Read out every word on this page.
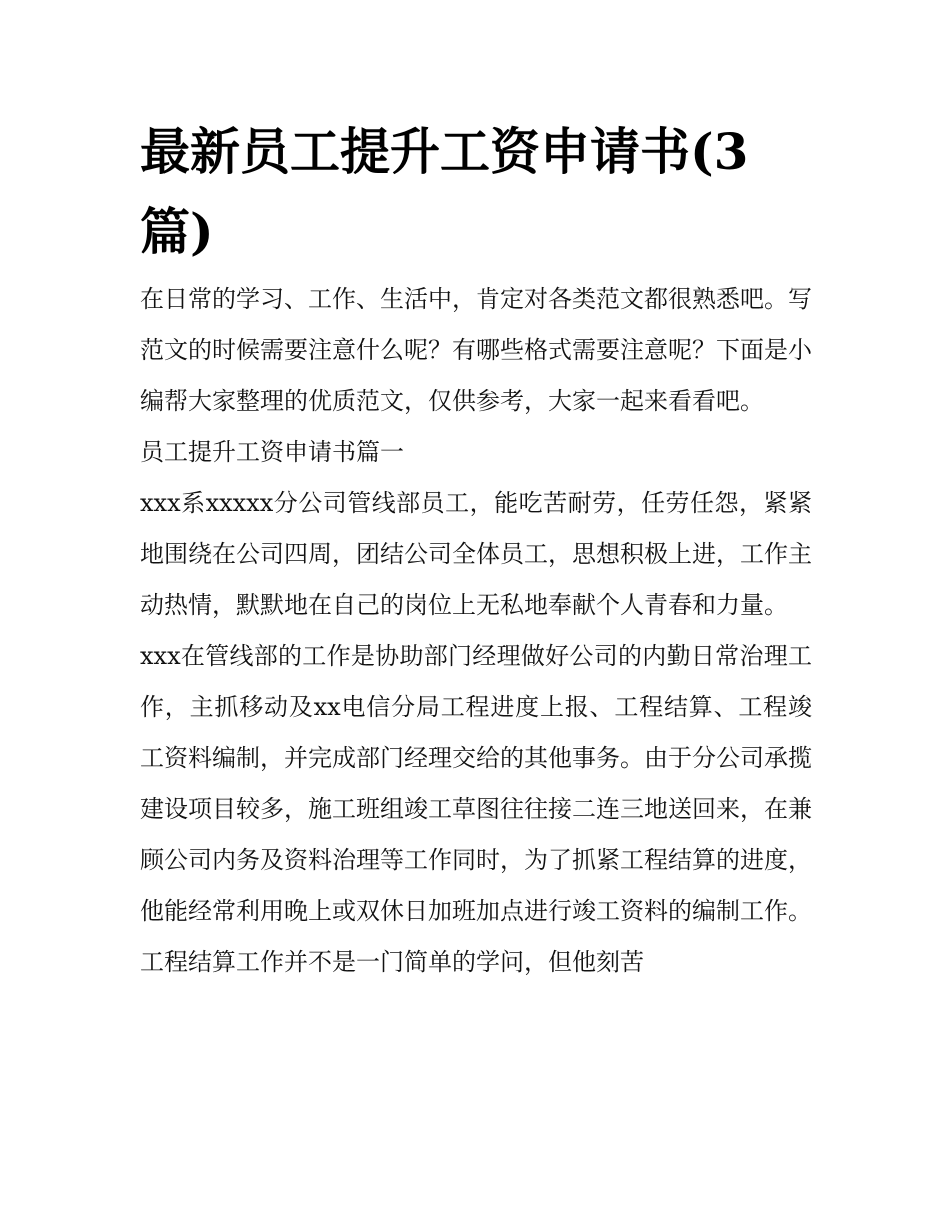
最新员工提升工资申请书(3篇)

在日常的学习、工作、生活中，肯定对各类范文都很熟悉吧。写范文的时候需要注意什么呢？有哪些格式需要注意呢？下面是小编帮大家整理的优质范文，仅供参考，大家一起来看看吧。

员工提升工资申请书篇一

xxx系xxxxx分公司管线部员工，能吃苦耐劳，任劳任怨，紧紧地围绕在公司四周，团结公司全体员工，思想积极上进，工作主动热情，默默地在自己的岗位上无私地奉献个人青春和力量。

xxx在管线部的工作是协助部门经理做好公司的内勤日常治理工作，主抓移动及xx电信分局工程进度上报、工程结算、工程竣工资料编制，并完成部门经理交给的其他事务。由于分公司承揽建设项目较多，施工班组竣工草图往往接二连三地送回来，在兼顾公司内务及资料治理等工作同时，为了抓紧工程结算的进度，他能经常利用晚上或双休日加班加点进行竣工资料的编制工作。工程结算工作并不是一门简单的学问，但他刻苦
